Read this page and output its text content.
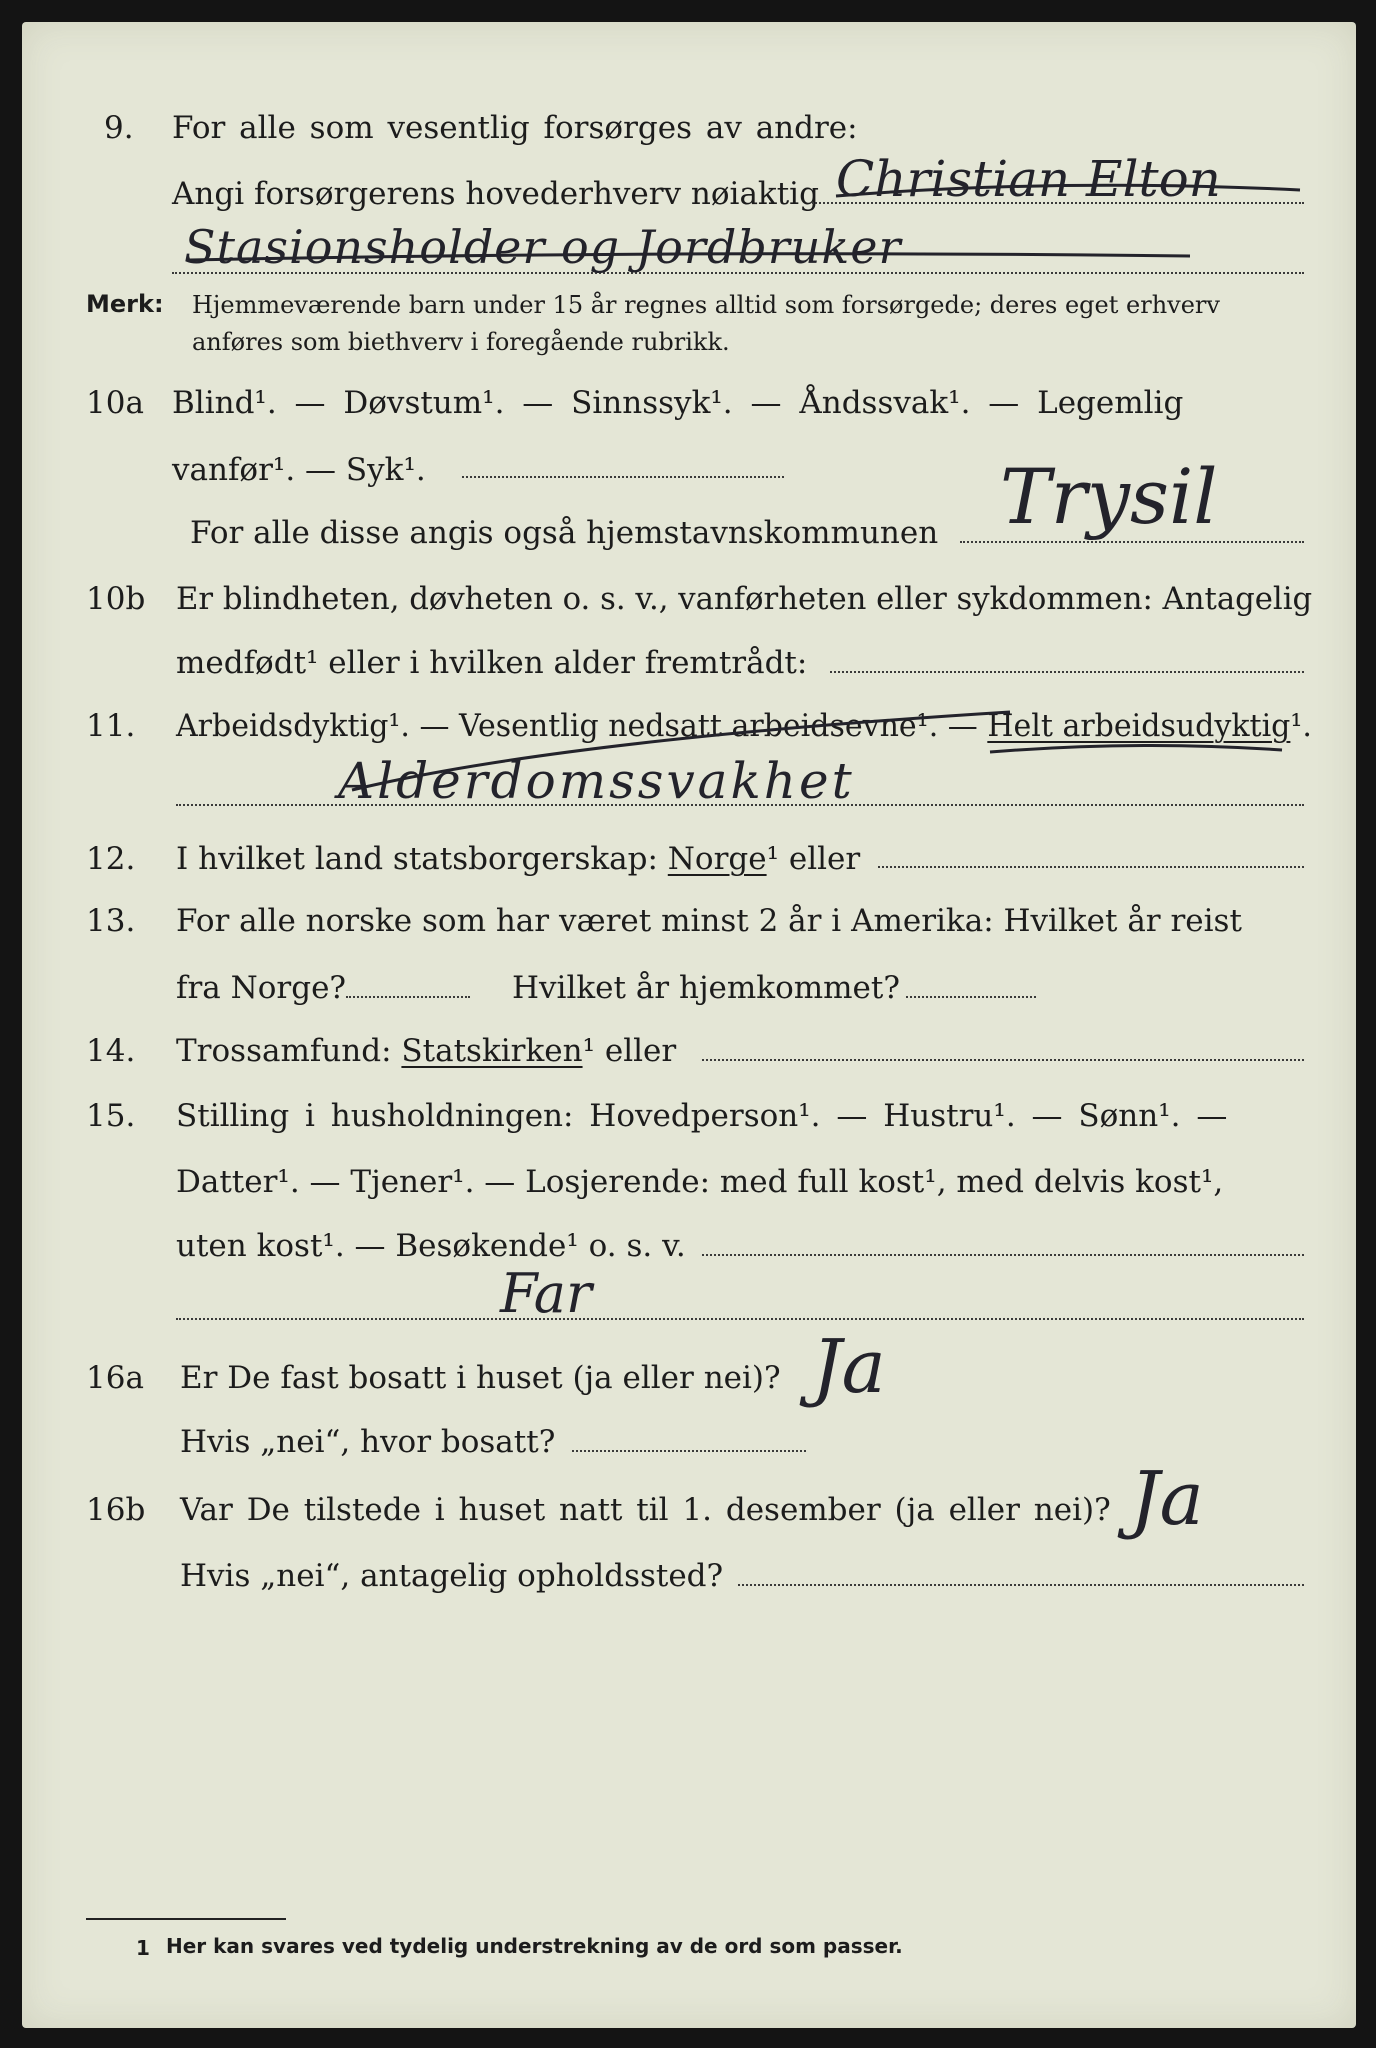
9. For alle som vesentlig forsørges av andre:
Angi forsørgerens hovederhverv nøiaktig Christian Elton
Stasionsholder og Jordbruker
Merk: Hjemmeværende barn under 15 år regnes alltid som forsørgede; deres eget erhverv
anføres som biethverv i foregående rubrikk.
10a Blind¹. — Døvstum¹. — Sinnssyk¹. — Åndssvak¹. — Legemlig
vanfør¹. — Syk¹.
For alle disse angis også hjemstavnskommunen Trysil
10b Er blindheten, døvheten o. s. v., vanførheten eller sykdommen: Antagelig
medfødt¹ eller i hvilken alder fremtrådt:
11. Arbeidsdyktig¹. — Vesentlig nedsatt arbeidsevne¹. — Helt arbeidsudyktig¹.
Alderdomssvakhet
12. I hvilket land statsborgerskap: Norge¹ eller
13. For alle norske som har været minst 2 år i Amerika: Hvilket år reist
fra Norge?	Hvilket år hjemkommet?
14. Trossamfund: Statskirken¹ eller
15. Stilling i husholdningen: Hovedperson¹. — Hustru¹. — Sønn¹. —
Datter¹. — Tjener¹. — Losjerende: med full kost¹, med delvis kost¹,
uten kost¹. — Besøkende¹ o. s. v.
Far
16a Er De fast bosatt i huset (ja eller nei)? Ja
Hvis „nei“, hvor bosatt?
16b Var De tilstede i huset natt til 1. desember (ja eller nei)? Ja
Hvis „nei“, antagelig opholdssted?
1 Her kan svares ved tydelig understrekning av de ord som passer.
